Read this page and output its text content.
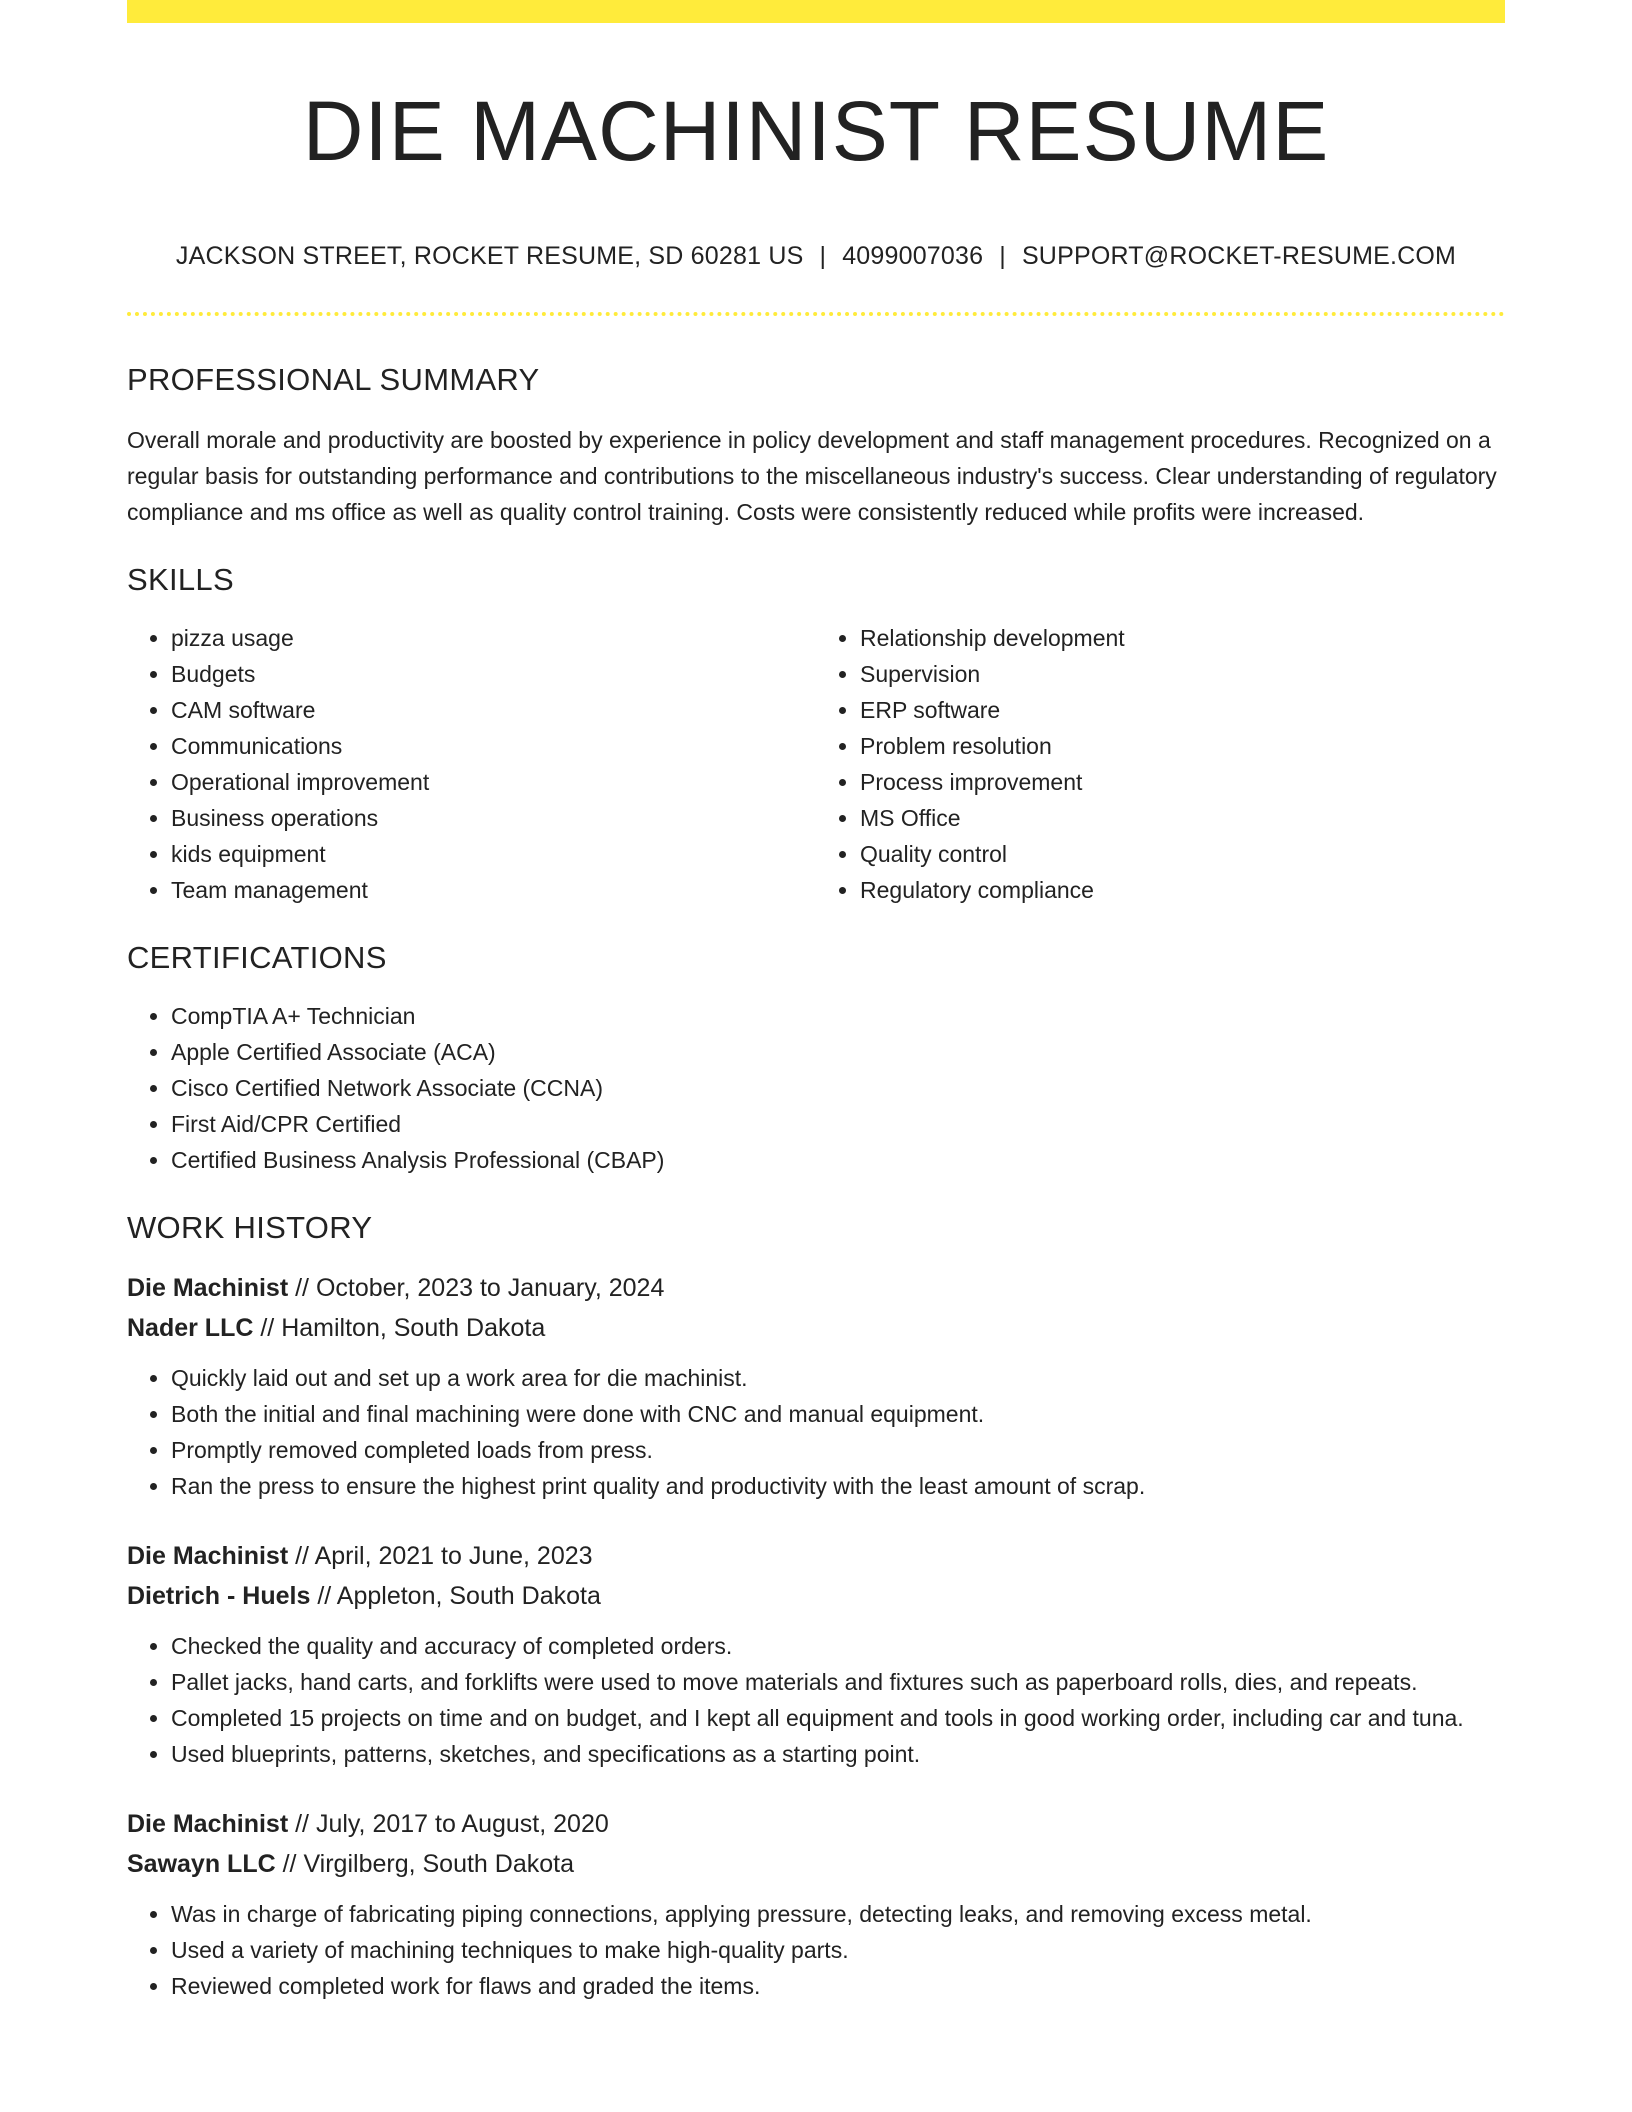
DIE MACHINIST RESUME
JACKSON STREET, ROCKET RESUME, SD 60281 US | 4099007036 | SUPPORT@ROCKET-RESUME.COM
PROFESSIONAL SUMMARY

Overall morale and productivity are boosted by experience in policy development and staff management procedures. Recognized on a regular basis for outstanding performance and contributions to the miscellaneous industry's success. Clear understanding of regulatory compliance and ms office as well as quality control training. Costs were consistently reduced while profits were increased.

SKILLS
• pizza usage
• Budgets
• CAM software
• Communications
• Operational improvement
• Business operations
• kids equipment
• Team management
• Relationship development
• Supervision
• ERP software
• Problem resolution
• Process improvement
• MS Office
• Quality control
• Regulatory compliance
CERTIFICATIONS
• CompTIA A+ Technician
• Apple Certified Associate (ACA)
• Cisco Certified Network Associate (CCNA)
• First Aid/CPR Certified
• Certified Business Analysis Professional (CBAP)
WORK HISTORY
Die Machinist // October, 2023 to January, 2024
Nader LLC // Hamilton, South Dakota
• Quickly laid out and set up a work area for die machinist.
• Both the initial and final machining were done with CNC and manual equipment.
• Promptly removed completed loads from press.
• Ran the press to ensure the highest print quality and productivity with the least amount of scrap.
Die Machinist // April, 2021 to June, 2023
Dietrich - Huels // Appleton, South Dakota
• Checked the quality and accuracy of completed orders.
• Pallet jacks, hand carts, and forklifts were used to move materials and fixtures such as paperboard rolls, dies, and repeats.
• Completed 15 projects on time and on budget, and I kept all equipment and tools in good working order, including car and tuna.
• Used blueprints, patterns, sketches, and specifications as a starting point.
Die Machinist // July, 2017 to August, 2020
Sawayn LLC // Virgilberg, South Dakota
• Was in charge of fabricating piping connections, applying pressure, detecting leaks, and removing excess metal.
• Used a variety of machining techniques to make high-quality parts.
• Reviewed completed work for flaws and graded the items.
